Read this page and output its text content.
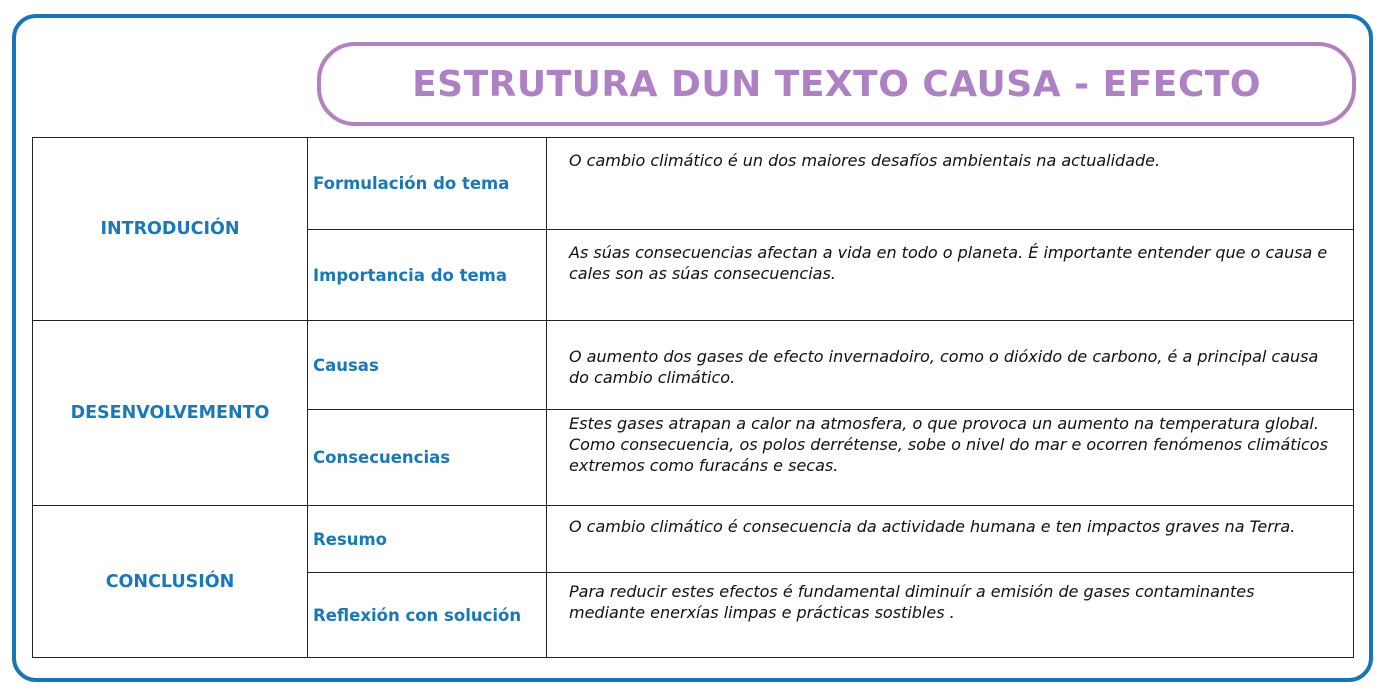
ESTRUTURA DUN TEXTO CAUSA - EFECTO
INTRODUCIÓN	Formulación do tema	O cambio climático é un dos maiores desafíos ambientais na actualidade.
	Importancia do tema	As súas consecuencias afectan a vida en todo o planeta. É importante entender que o causa e cales son as súas consecuencias.
DESENVOLVEMENTO	Causas	O aumento dos gases de efecto invernadoiro, como o dióxido de carbono, é a principal causa do cambio climático.
	Consecuencias	Estes gases atrapan a calor na atmosfera, o que provoca un aumento na temperatura global. Como consecuencia, os polos derrétense, sobe o nivel do mar e ocorren fenómenos climáticos extremos como furacáns e secas.
CONCLUSIÓN	Resumo	O cambio climático é consecuencia da actividade humana e ten impactos graves na Terra.
	Reflexión con solución	Para reducir estes efectos é fundamental diminuír a emisión de gases contaminantes mediante enerxías limpas e prácticas sostibles .
